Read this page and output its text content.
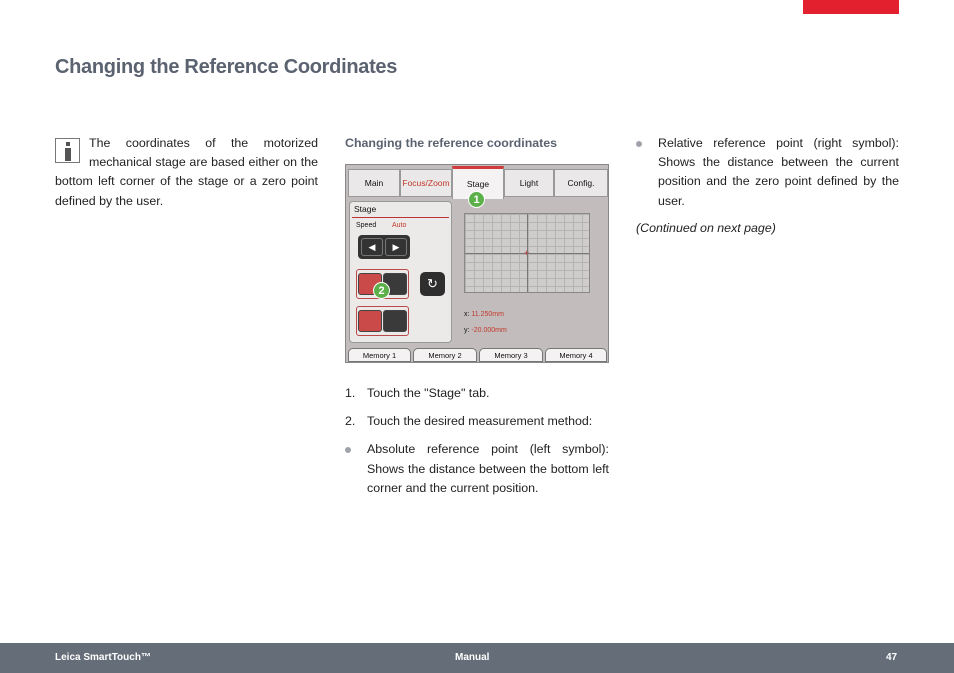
Changing the Reference Coordinates
The coordinates of the motorized mechanical stage are based either on the bottom left corner of the stage or a zero point defined by the user.

Changing the reference coordinates

Main	Focus/Zoom	Stage	Light	Config.
Stage
Speed Auto
◀	▶
↻
+
x: 11.250mm
y: -20.000mm
1
2
Memory 1	Memory 2	Memory 3	Memory 4
1. Touch the "Stage" tab.
2. Touch the desired measurement method:
Absolute reference point (left symbol): Shows the distance between the bottom left corner and the current position.
Relative reference point (right symbol): Shows the distance between the current position and the zero point defined by the user.
(Continued on next page)
Leica SmartTouch™	Manual	47
